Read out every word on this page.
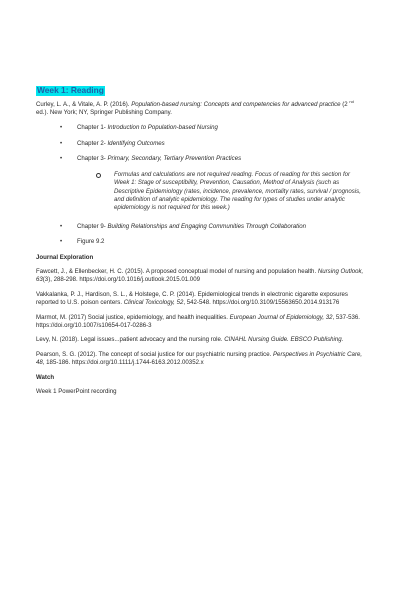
Week 1: Reading

Curley, L. A., & Vitale, A. P. (2016). Population-based nursing: Concepts and competencies for advanced practice (2 $^{nd}$ ed.). New York; NY, Springer Publishing Company.

• Chapter 1- Introduction to Population-based Nursing
• Chapter 2- Identifying Outcomes
• Chapter 3- Primary, Secondary, Tertiary Prevention Practices
Formulas and calculations are not required reading. Focus of reading for this section for Week 1: Stage of susceptibility, Prevention, Causation, Method of Analysis (such as Descriptive Epidemiology (rates, incidence, prevalence, mortality rates, survival / prognosis, and definition of analytic epidemiology. The reading for types of studies under analytic epidemiology is not required for this week.)
• Chapter 9- Building Relationships and Engaging Communities Through Collaboration
• Figure 9.2

Journal Exploration

Fawcett, J., & Ellenbecker, H. C. (2015). A proposed conceptual model of nursing and population health. Nursing Outlook, 63(3), 288-298. https://doi.org/10.1016/j.outlook.2015.01.009

Vakkalanka, P. J., Hardison, S. L., & Holstege, C. P. (2014). Epidemiological trends in electronic cigarette exposures reported to U.S. poison centers. Clinical Toxicology, 52, 542-548. https://doi.org/10.3109/15563650.2014.913176

Marmot, M. (2017) Social justice, epidemiology, and health inequalities. European Journal of Epidemiology, 32, 537-536. https://doi.org/10.1007/s10654-017-0286-3

Levy, N. (2018). Legal issues...patient advocacy and the nursing role. CINAHL Nursing Guide. EBSCO Publishing.

Pearson, S. G. (2012). The concept of social justice for our psychiatric nursing practice. Perspectives in Psychiatric Care, 48, 185-186. https://doi.org/10.1111/j.1744-6163.2012.00352.x

Watch

Week 1 PowerPoint recording
